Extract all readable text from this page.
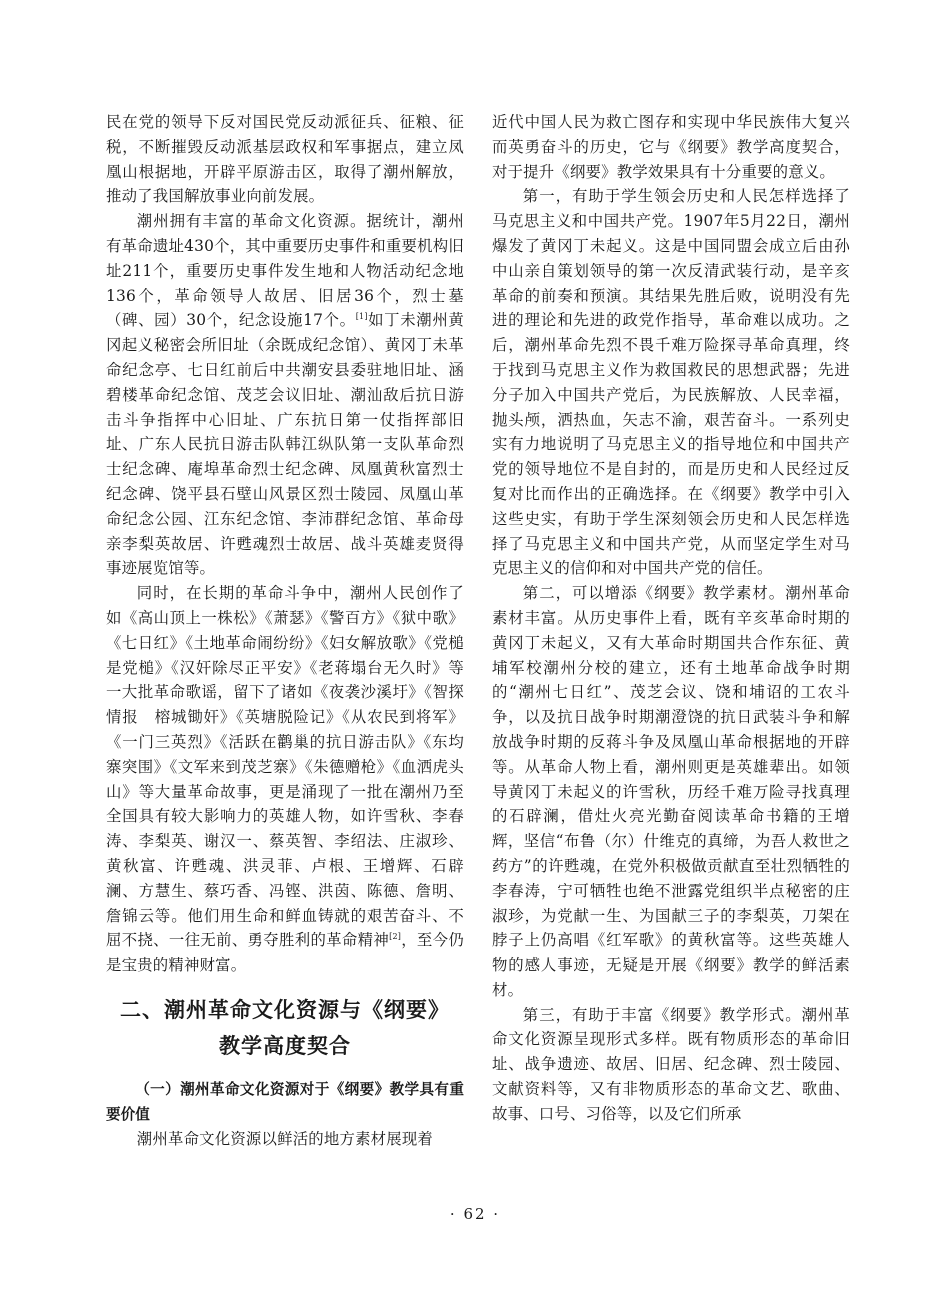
民在党的领导下反对国民党反动派征兵、征粮、征税，不断摧毁反动派基层政权和军事据点，建立凤凰山根据地，开辟平原游击区，取得了潮州解放，推动了我国解放事业向前发展。

潮州拥有丰富的革命文化资源。据统计，潮州有革命遗址430个，其中重要历史事件和重要机构旧址211个，重要历史事件发生地和人物活动纪念地136个，革命领导人故居、旧居36个，烈士墓（碑、园）30个，纪念设施17个。[1]如丁未潮州黄冈起义秘密会所旧址（余既成纪念馆）、黄冈丁未革命纪念亭、七日红前后中共潮安县委驻地旧址、涵碧楼革命纪念馆、茂芝会议旧址、潮汕敌后抗日游击斗争指挥中心旧址、广东抗日第一仗指挥部旧址、广东人民抗日游击队韩江纵队第一支队革命烈士纪念碑、庵埠革命烈士纪念碑、凤凰黄秋富烈士纪念碑、饶平县石壁山风景区烈士陵园、凤凰山革命纪念公园、江东纪念馆、李沛群纪念馆、革命母亲李梨英故居、许甦魂烈士故居、战斗英雄麦贤得事迹展览馆等。

同时，在长期的革命斗争中，潮州人民创作了如《高山顶上一株松》《萧瑟》《警百方》《狱中歌》《七日红》《土地革命闹纷纷》《妇女解放歌》《党槌是党槌》《汉奸除尽正平安》《老蒋塌台无久时》等一大批革命歌谣，留下了诸如《夜袭沙溪圩》《智探情报　榕城锄奸》《英塘脱险记》《从农民到将军》《一门三英烈》《活跃在鹳巢的抗日游击队》《东均寨突围》《文军来到茂芝寨》《朱德赠枪》《血洒虎头山》等大量革命故事，更是涌现了一批在潮州乃至全国具有较大影响力的英雄人物，如许雪秋、李春涛、李梨英、谢汉一、蔡英智、李绍法、庄淑珍、黄秋富、许甦魂、洪灵菲、卢根、王增辉、石辟澜、方慧生、蔡巧香、冯铿、洪茵、陈德、詹明、詹锦云等。他们用生命和鲜血铸就的艰苦奋斗、不屈不挠、一往无前、勇夺胜利的革命精神[2]，至今仍是宝贵的精神财富。

二、潮州革命文化资源与《纲要》
教学高度契合
（一）潮州革命文化资源对于《纲要》教学具有重要价值

潮州革命文化资源以鲜活的地方素材展现着

近代中国人民为救亡图存和实现中华民族伟大复兴而英勇奋斗的历史，它与《纲要》教学高度契合，对于提升《纲要》教学效果具有十分重要的意义。

第一，有助于学生领会历史和人民怎样选择了马克思主义和中国共产党。1907年5月22日，潮州爆发了黄冈丁未起义。这是中国同盟会成立后由孙中山亲自策划领导的第一次反清武装行动，是辛亥革命的前奏和预演。其结果先胜后败，说明没有先进的理论和先进的政党作指导，革命难以成功。之后，潮州革命先烈不畏千难万险探寻革命真理，终于找到马克思主义作为救国救民的思想武器；先进分子加入中国共产党后，为民族解放、人民幸福，抛头颅，洒热血，矢志不渝，艰苦奋斗。一系列史实有力地说明了马克思主义的指导地位和中国共产党的领导地位不是自封的，而是历史和人民经过反复对比而作出的正确选择。在《纲要》教学中引入这些史实，有助于学生深刻领会历史和人民怎样选择了马克思主义和中国共产党，从而坚定学生对马克思主义的信仰和对中国共产党的信任。

第二，可以增添《纲要》教学素材。潮州革命素材丰富。从历史事件上看，既有辛亥革命时期的黄冈丁未起义，又有大革命时期国共合作东征、黄埔军校潮州分校的建立，还有土地革命战争时期的“潮州七日红”、茂芝会议、饶和埔诏的工农斗争，以及抗日战争时期潮澄饶的抗日武装斗争和解放战争时期的反蒋斗争及凤凰山革命根据地的开辟等。从革命人物上看，潮州则更是英雄辈出。如领导黄冈丁未起义的许雪秋，历经千难万险寻找真理的石辟澜，借灶火亮光勤奋阅读革命书籍的王增辉，坚信“布鲁（尔）什维克的真缔，为吾人救世之药方”的许甦魂，在党外积极做贡献直至壮烈牺牲的李春涛，宁可牺牲也绝不泄露党组织半点秘密的庄淑珍，为党献一生、为国献三子的李梨英，刀架在脖子上仍高唱《红军歌》的黄秋富等。这些英雄人物的感人事迹，无疑是开展《纲要》教学的鲜活素材。

第三，有助于丰富《纲要》教学形式。潮州革命文化资源呈现形式多样。既有物质形态的革命旧址、战争遗迹、故居、旧居、纪念碑、烈士陵园、文献资料等，又有非物质形态的革命文艺、歌曲、故事、口号、习俗等，以及它们所承

· 62 ·
